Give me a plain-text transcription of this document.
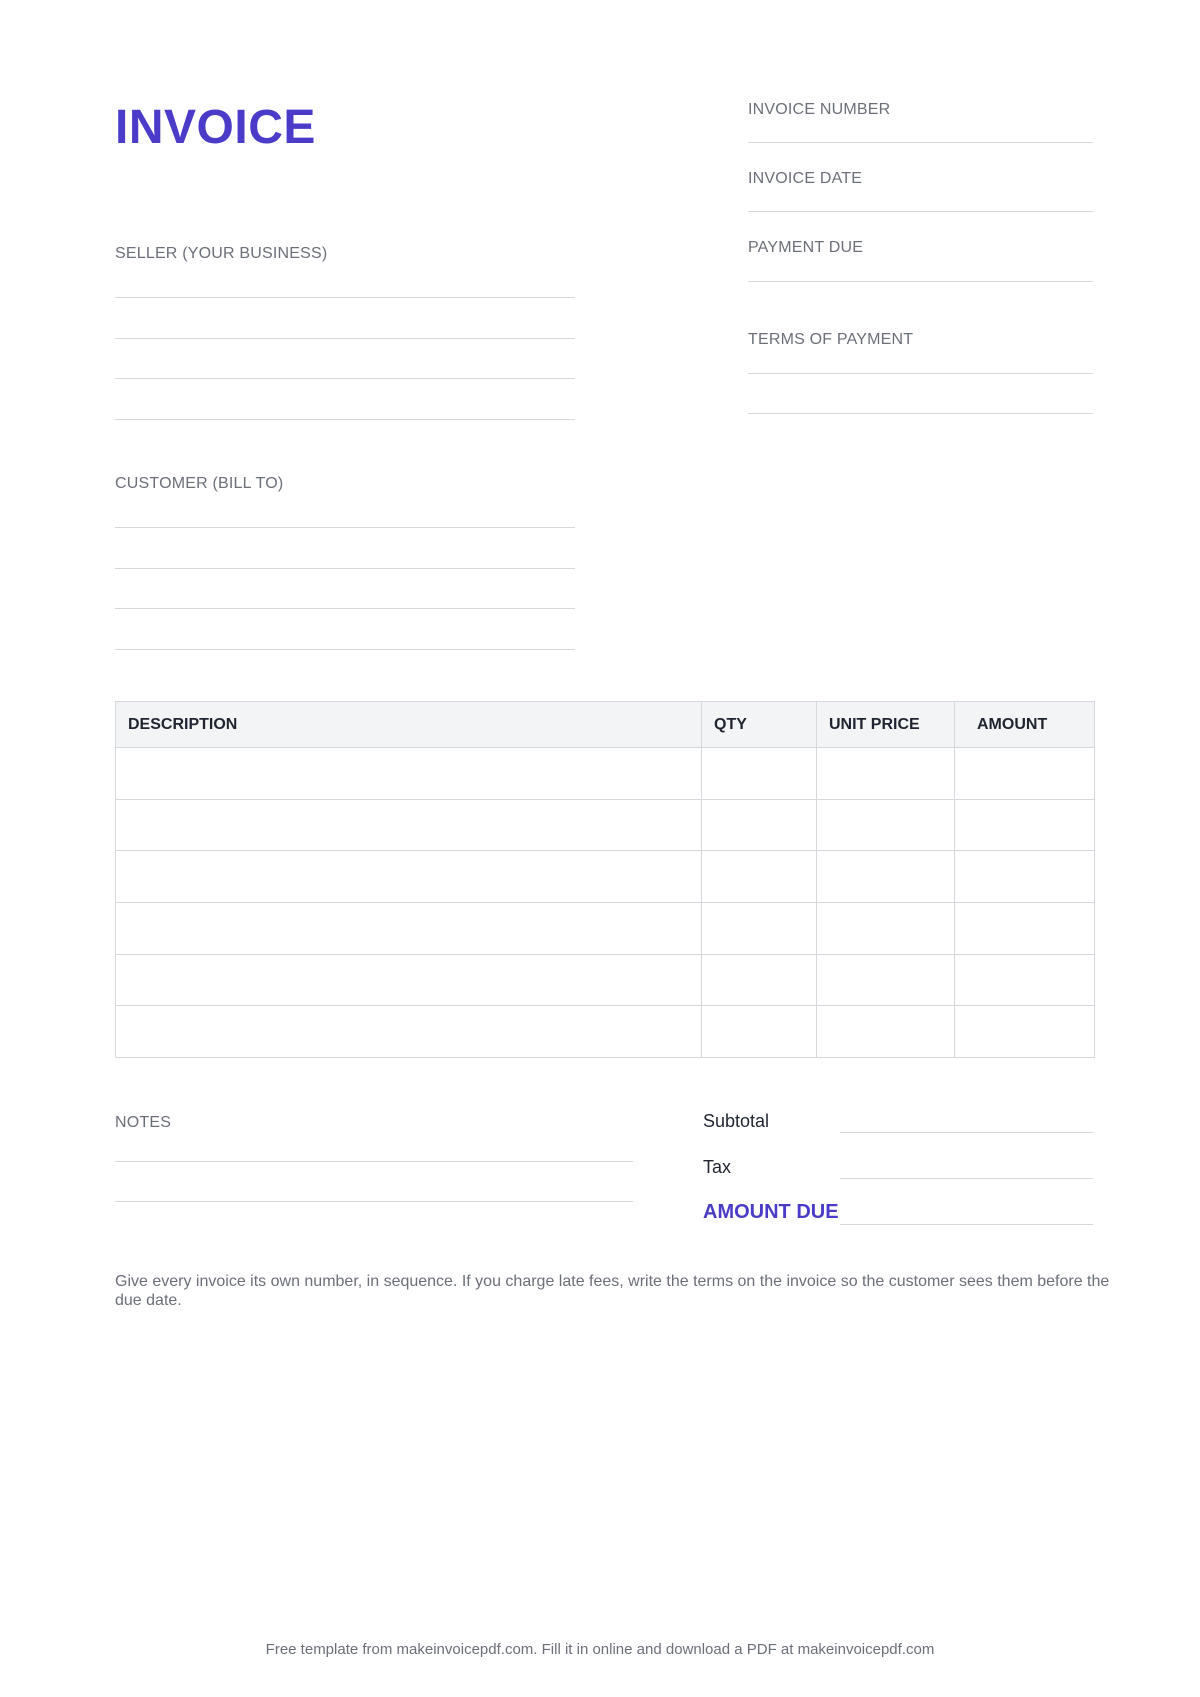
INVOICE	INVOICE NUMBER
INVOICE DATE
PAYMENT DUE
TERMS OF PAYMENT
SELLER (YOUR BUSINESS)
CUSTOMER (BILL TO)
DESCRIPTION	QTY	UNIT PRICE	AMOUNT

NOTES	Subtotal
Tax
AMOUNT DUE
Give every invoice its own number, in sequence. If you charge late fees, write the terms on the invoice so the customer sees them before the due date.
Free template from makeinvoicepdf.com. Fill it in online and download a PDF at makeinvoicepdf.com
